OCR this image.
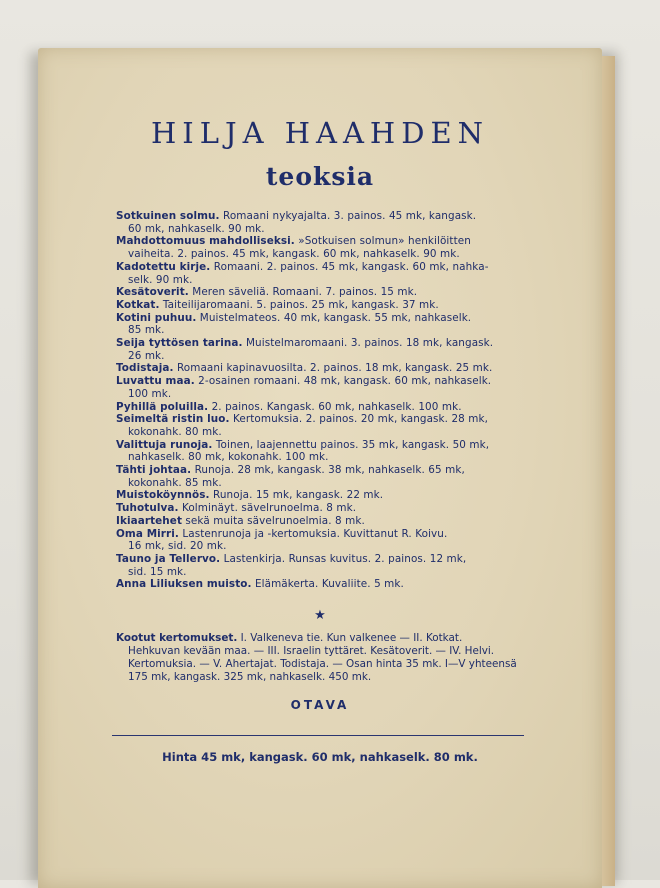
HILJA HAAHDEN
teoksia

Sotkuinen solmu. Romaani nykyajalta. 3. painos. 45 mk, kangask.
60 mk, nahkaselk. 90 mk.

Mahdottomuus mahdolliseksi. »Sotkuisen solmun» henkilöitten
vaiheita. 2. painos. 45 mk, kangask. 60 mk, nahkaselk. 90 mk.

Kadotettu kirje. Romaani. 2. painos. 45 mk, kangask. 60 mk, nahka-
selk. 90 mk.

Kesätoverit. Meren säveliä. Romaani. 7. painos. 15 mk.

Kotkat. Taiteilijaromaani. 5. painos. 25 mk, kangask. 37 mk.

Kotini puhuu. Muistelmateos. 40 mk, kangask. 55 mk, nahkaselk.
85 mk.

Seija tyttösen tarina. Muistelmaromaani. 3. painos. 18 mk, kangask.
26 mk.

Todistaja. Romaani kapinavuosilta. 2. painos. 18 mk, kangask. 25 mk.

Luvattu maa. 2-osainen romaani. 48 mk, kangask. 60 mk, nahkaselk.
100 mk.

Pyhillä poluilla. 2. painos. Kangask. 60 mk, nahkaselk. 100 mk.

Seimeltä ristin luo. Kertomuksia. 2. painos. 20 mk, kangask. 28 mk,
kokonahk. 80 mk.

Valittuja runoja. Toinen, laajennettu painos. 35 mk, kangask. 50 mk,
nahkaselk. 80 mk, kokonahk. 100 mk.

Tähti johtaa. Runoja. 28 mk, kangask. 38 mk, nahkaselk. 65 mk,
kokonahk. 85 mk.

Muistoköynnös. Runoja. 15 mk, kangask. 22 mk.

Tuhotulva. Kolminäyt. sävelrunoelma. 8 mk.

Ikiaartehet sekä muita sävelrunoelmia. 8 mk.

Oma Mirri. Lastenrunoja ja -kertomuksia. Kuvittanut R. Koivu.
16 mk, sid. 20 mk.

Tauno ja Tellervo. Lastenkirja. Runsas kuvitus. 2. painos. 12 mk,
sid. 15 mk.

Anna Liliuksen muisto. Elämäkerta. Kuvaliite. 5 mk.

★
Kootut kertomukset. I. Valkeneva tie. Kun valkenee — II. Kotkat.
Hehkuvan kevään maa. — III. Israelin tyttäret. Kesätoverit. — IV. Helvi. Kertomuksia. — V. Ahertajat. Todistaja. — Osan hinta 35 mk. I—V yhteensä 175 mk, kangask. 325 mk, nahkaselk. 450 mk.
OTAVA
Hinta 45 mk, kangask. 60 mk, nahkaselk. 80 mk.
